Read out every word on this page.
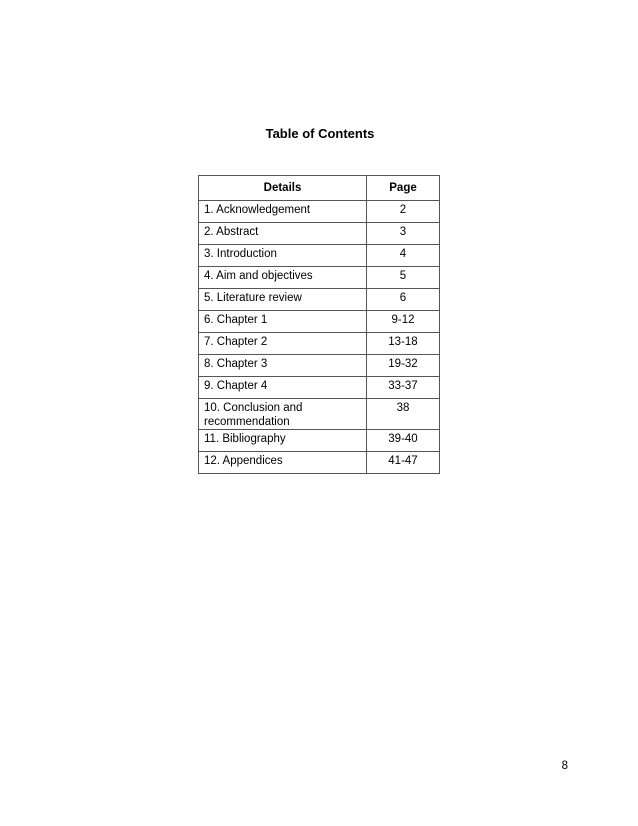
Table of Contents
Details	Page
1. Acknowledgement	2
2. Abstract	3
3. Introduction	4
4. Aim and objectives	5
5. Literature review	6
6. Chapter 1	9-12
7. Chapter 2	13-18
8. Chapter 3	19-32
9. Chapter 4	33-37
10. Conclusion and recommendation	38
11. Bibliography	39-40
12. Appendices	41-47
8
